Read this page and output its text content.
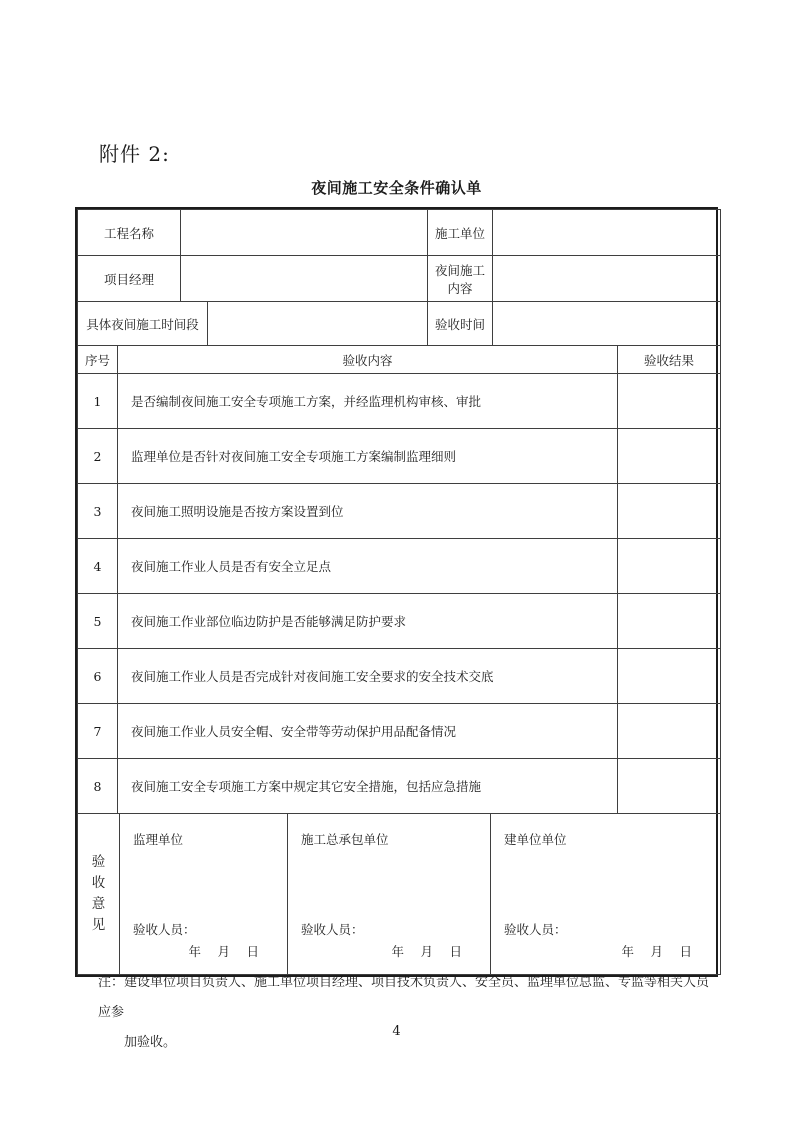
附件 2:
夜间施工安全条件确认单
工程名称			施工单位	
项目经理			夜间施工内容	
具体夜间施工时间段			验收时间	
序号	验收内容	验收结果
1	是否编制夜间施工安全专项施工方案，并经监理机构审核、审批	
2	监理单位是否针对夜间施工安全专项施工方案编制监理细则	
3	夜间施工照明设施是否按方案设置到位	
4	夜间施工作业人员是否有安全立足点	
5	夜间施工作业部位临边防护是否能够满足防护要求	
6	夜间施工作业人员是否完成针对夜间施工安全要求的安全技术交底	
7	夜间施工作业人员安全帽、安全带等劳动保护用品配备情况	
8	夜间施工安全专项施工方案中规定其它安全措施，包括应急措施	
验收意见

监理单位
验收人员：
年　月　日

施工总承包单位
验收人员：
年　月　日

建单位单位
验收人员：
年　月　日
注：建设单位项目负责人、施工单位项目经理、项目技术负责人、安全员、监理单位总监、专监等相关人员应参
加验收。
4
